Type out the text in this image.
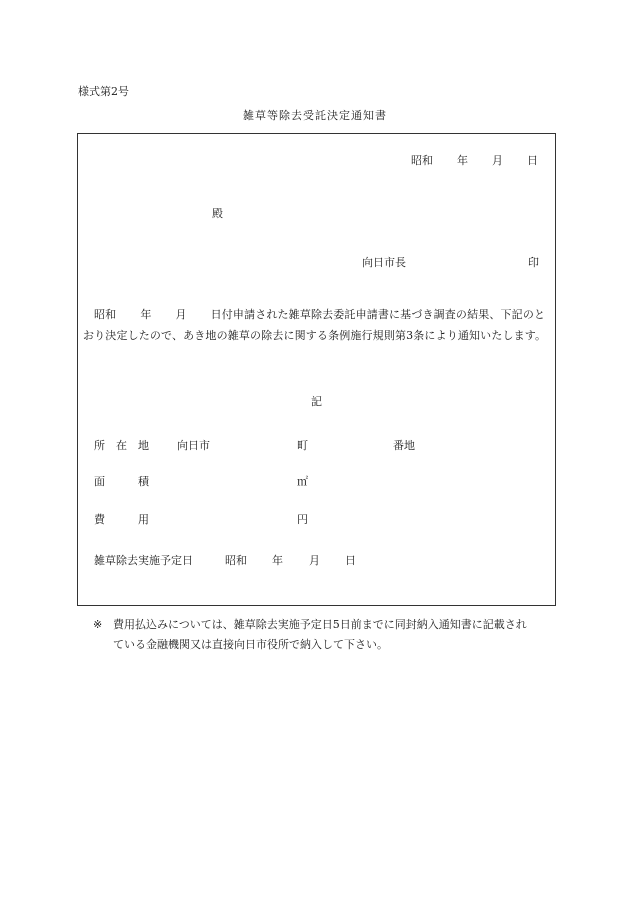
様式第2号
雑草等除去受託決定通知書
昭和 年 月 日
殿
向日市長	印
昭和 年 月 日付申請された雑草除去委託申請書に基づき調査の結果、下記のとおり決定したので、あき地の雑草の除去に関する条例施行規則第3条により通知いたします。
記
所　在　地	向日市	町	番地
面　　　積	㎡
費　　　用	円
雑草除去実施予定日	昭和 年 月 日
※ 費用払込みについては、雑草除去実施予定日5日前までに同封納入通知書に記載され
ている金融機関又は直接向日市役所で納入して下さい。
